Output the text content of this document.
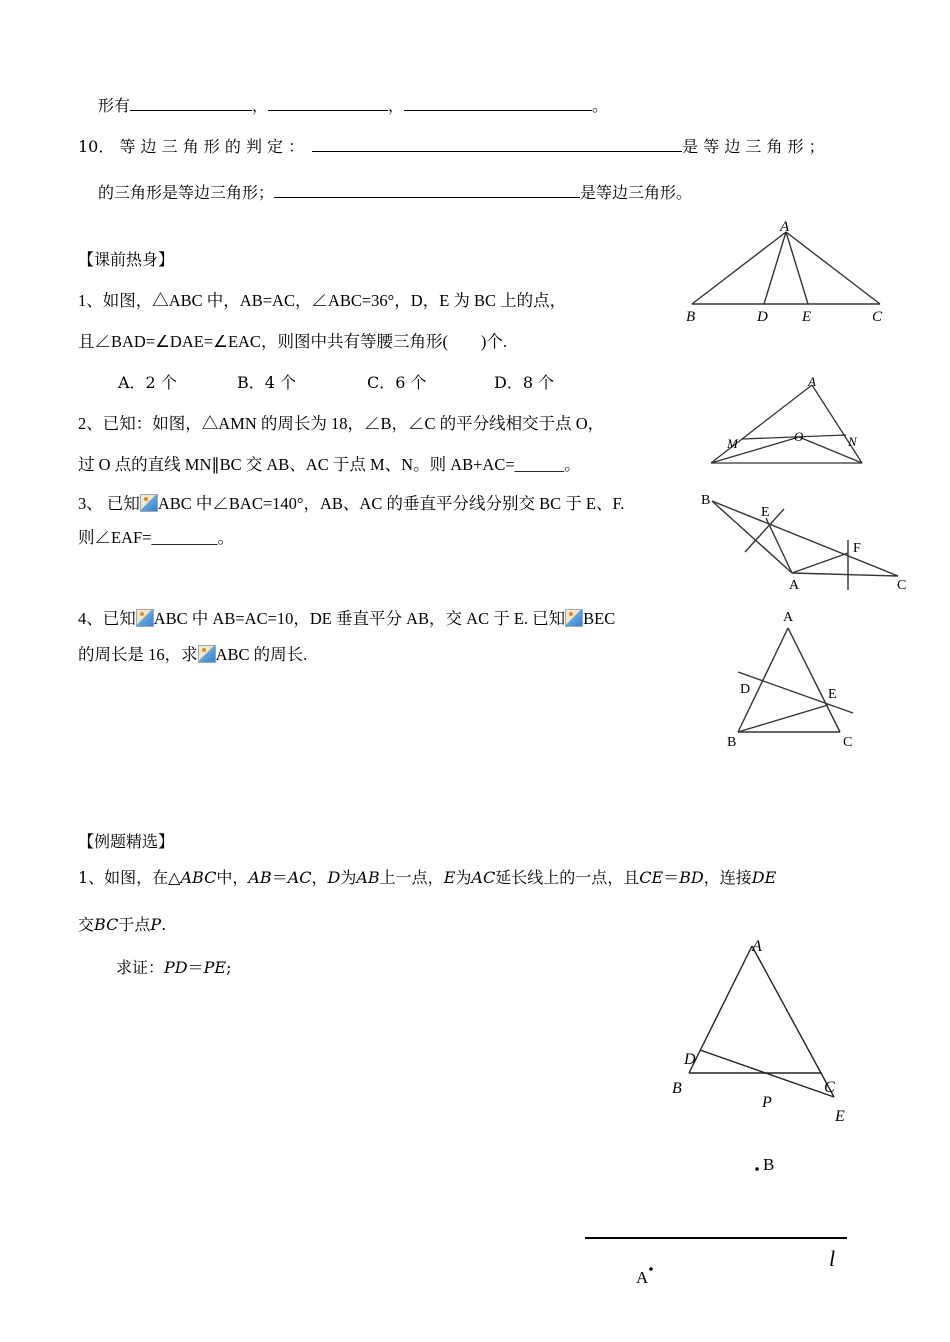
形有	，	，	。
10． 等 边 三 角 形 的 判 定 ：	是 等 边 三 角 形 ；
的三角形是等边三角形；	是等边三角形。
【课前热身】
1、如图，△ABC 中，AB=AC，∠ABC=36°，D，E 为 BC 上的点，
且∠BAD=∠DAE=∠EAC，则图中共有等腰三角形(　　)个.
A．2 个	B．4 个	C．6 个	D．8 个
2、已知：如图，△AMN 的周长为 18，∠B，∠C 的平分线相交于点 O，
过 O 点的直线 MN∥BC 交 AB、AC 于点 M、N。则 AB+AC=______。
3、 已知 ABC 中∠BAC=140°，AB、AC 的垂直平分线分别交 BC 于 E、F.
则∠EAF=________。
4、已知 ABC 中 AB=AC=10，DE 垂直平分 AB，交 AC 于 E. 已知 BEC
的周长是 16，求 ABC 的周长.
【例题精选】
1、如图，在△ABC中，AB＝AC，D为AB上一点，E为AC延长线上的一点，且CE＝BD，连接DE
交BC于点P.
求证：PD＝PE;
A
B	D E	C
A
M	O	N
B
E
F
A	C
A
D	E
B	C
A
D
B
P
C
E
B
A
l
